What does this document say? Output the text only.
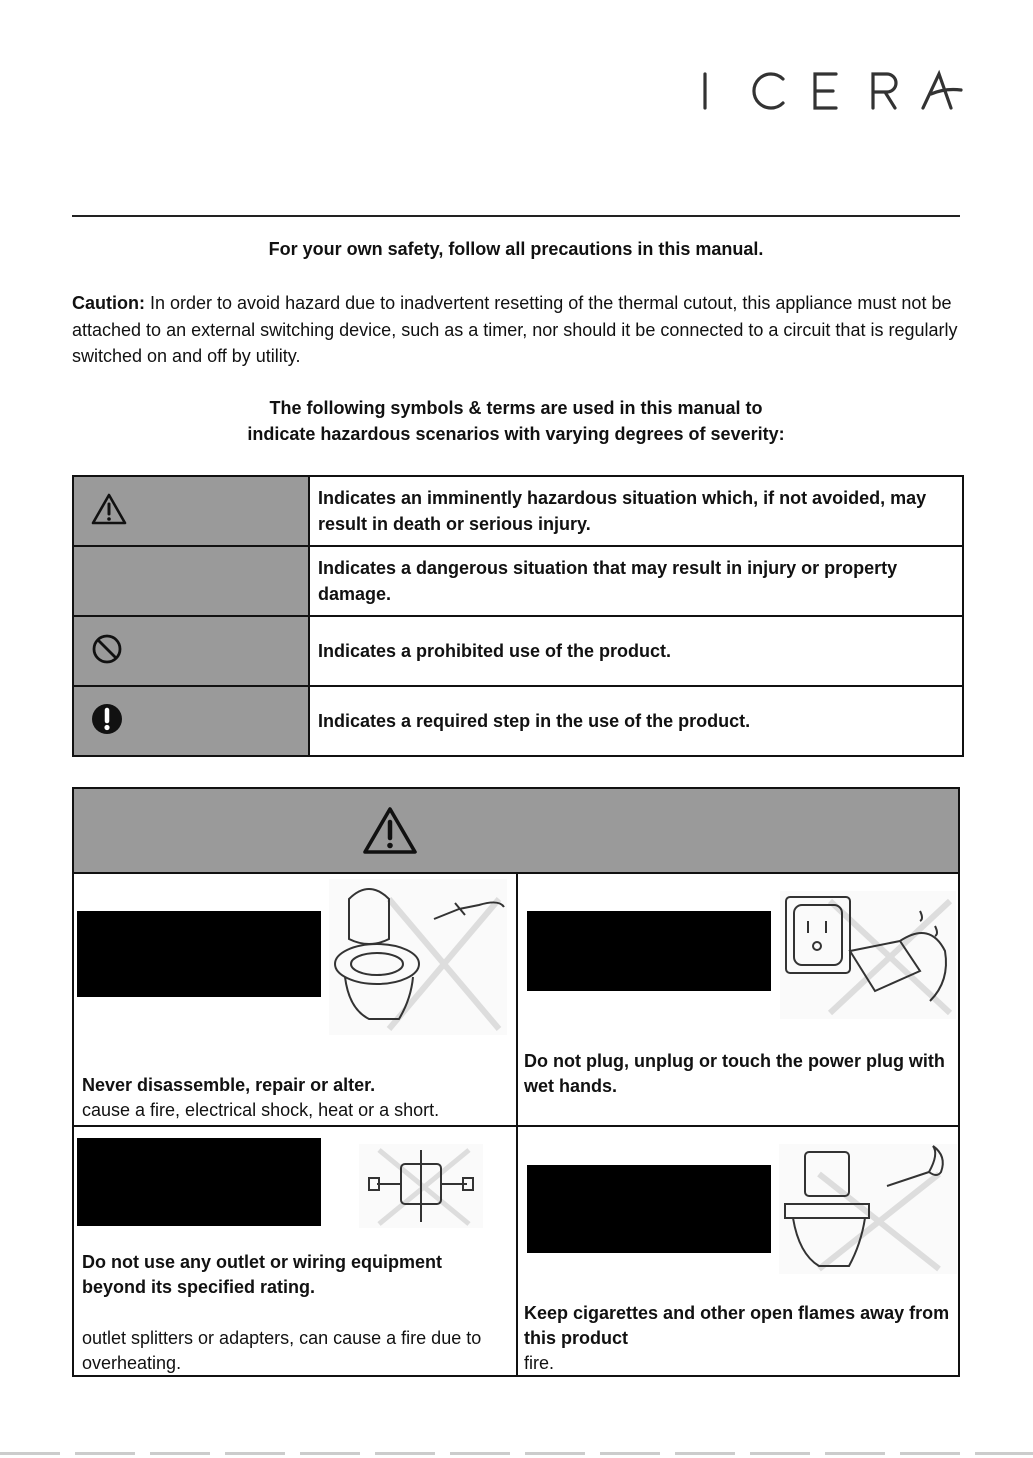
For your own safety, follow all precautions in this manual.
Caution: In order to avoid hazard due to inadvertent resetting of the thermal cutout, this appliance must not be attached to an external switching device, such as a timer, nor should it be connected to a circuit that is regularly switched on and off by utility.
The following symbols & terms are used in this manual to
indicate hazardous scenarios with varying degrees of severity:
	Indicates an imminently hazardous situation which, if not avoided, may result in death or serious injury.
	Indicates a dangerous situation that may result in injury or property damage.
	Indicates a prohibited use of the product.
	Indicates a required step in the use of the product.
Never disassemble, repair or alter.
cause a fire, electrical shock, heat or a short.
Do not plug, unplug or touch the power plug with wet hands.
Do not use any outlet or wiring equipment beyond its specified rating.
outlet splitters or adapters, can cause a fire due to overheating.
Keep cigarettes and other open flames away from this product
fire.
